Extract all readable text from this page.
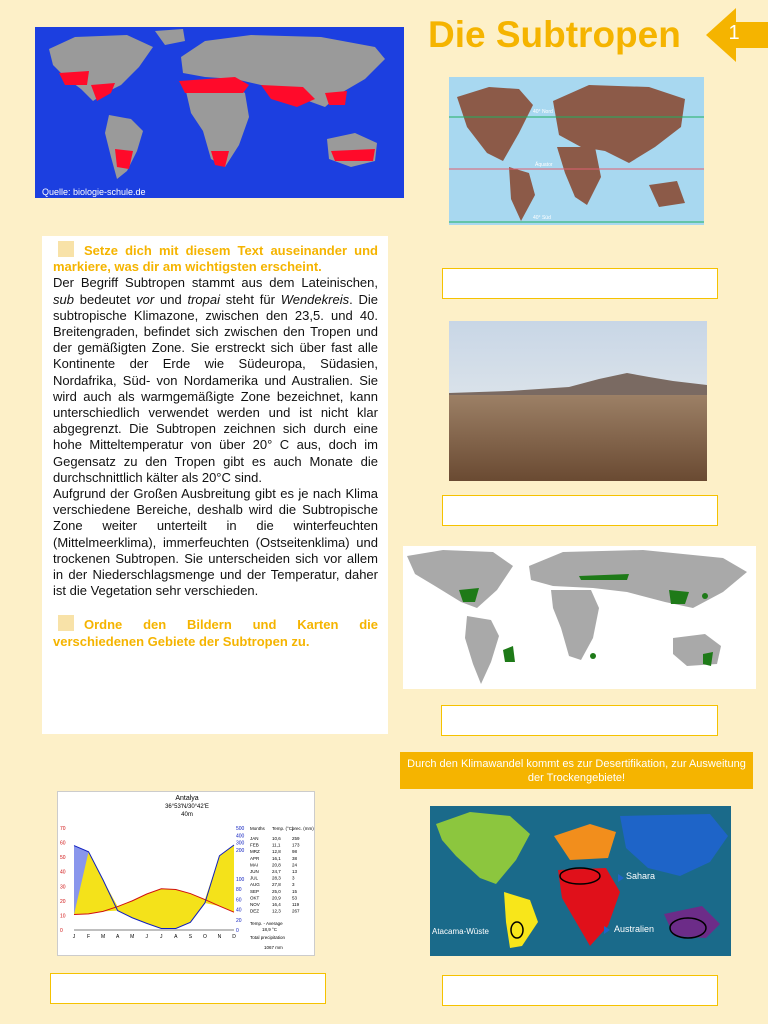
Die Subtropen 1
Quelle: biologie-schule.de
40° Nord
Äquator
40° Süd
Setze dich mit diesem Text auseinander und markiere, was dir am wichtigsten erscheint.
Der Begriff Subtropen stammt aus dem Lateinischen, sub bedeutet vor und tropai steht für Wendekreis. Die subtropische Klimazone, zwischen den 23,5. und 40. Breitengraden, befindet sich zwischen den Tropen und der gemäßigten Zone. Sie erstreckt sich über fast alle Kontinente der Erde wie Südeuropa, Südasien, Nordafrika, Süd- von Nordamerika und Australien. Sie wird auch als warmgemäßigte Zone bezeichnet, kann unterschiedlich verwendet werden und ist nicht klar abgegrenzt. Die Subtropen zeichnen sich durch eine hohe Mitteltemperatur von über 20° C aus, doch im Gegensatz zu den Tropen gibt es auch Monate die durchschnittlich kälter als 20°C sind.
Aufgrund der Großen Ausbreitung gibt es je nach Klima verschiedene Bereiche, deshalb wird die Subtropische Zone weiter unterteilt in die winterfeuchten (Mittelmeerklima), immerfeuchten (Ostseitenklima) und trockenen Subtropen. Sie unterscheiden sich vor allem in der Niederschlagsmenge und der Temperatur, daher ist die Vegetation sehr verschieden.
Ordne den Bildern und Karten die verschiedenen Gebiete der Subtropen zu.
Durch den Klimawandel kommt es zur Desertifikation, zur Ausweitung der Trockengebiete!
Sahara
Atacama-Wüste	Australien
Antalya
36°53'N/30°42'E
40m
70
60
50
40
30
20
10
0
500
400
300
200
100
80
60
40
20
0
J F M A M J J A S O N D
Months Temp. (°C)
prec. (mm)
JAN	10,6 259
FEB	11,1	173
MRZ	12,8 98
APR	16,1 38
MAI	20,8 24
JUN	24,7 13
JUL	28,3 3
AUG	27,8 3
SEP	25,0 15
OKT	20,9 53
NOV	16,4 119
DEZ	12,3 267
Temp. - Average
18,9 °C
Total precipitation
1067 mm
